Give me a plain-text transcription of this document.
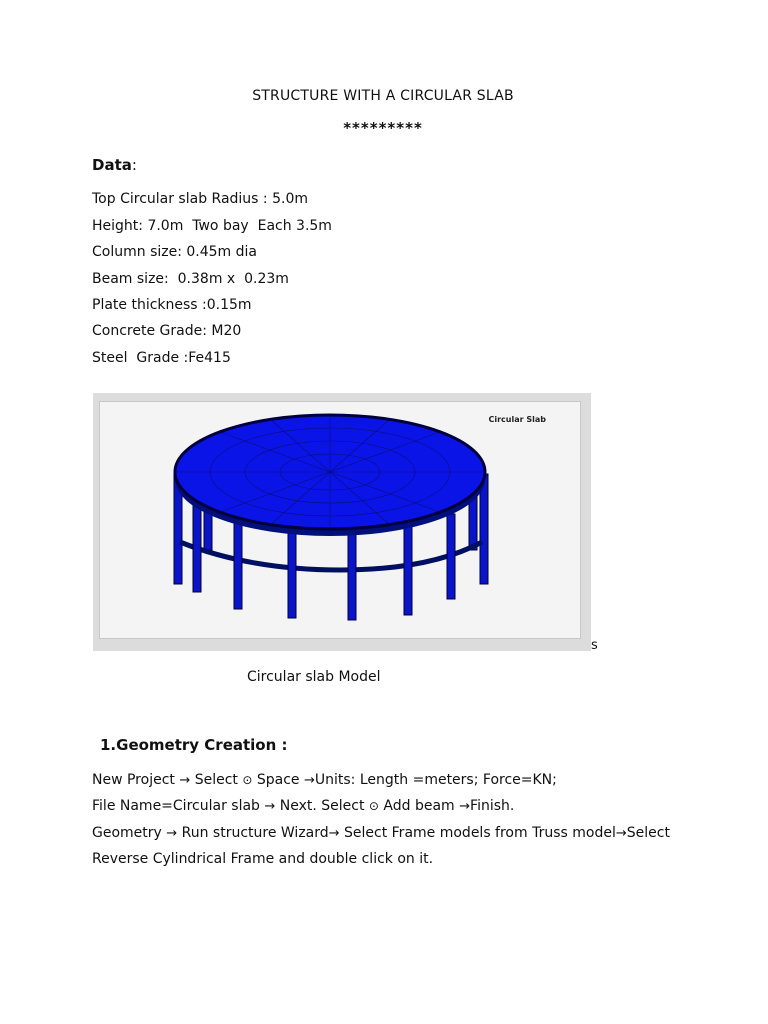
STRUCTURE WITH A CIRCULAR SLAB
*********
Data:
Top Circular slab Radius : 5.0m
Height: 7.0m  Two bay  Each 3.5m
Column size: 0.45m dia
Beam size:  0.38m x  0.23m
Plate thickness :0.15m
Concrete Grade: M20
Steel  Grade :Fe415
Circular Slab
s
Circular slab Model
1.Geometry Creation :
New Project → Select ⊙ Space →Units: Length =meters; Force=KN;
File Name=Circular slab → Next. Select ⊙ Add beam →Finish.
Geometry → Run structure Wizard→ Select Frame models from Truss model→Select
Reverse Cylindrical Frame and double click on it.
